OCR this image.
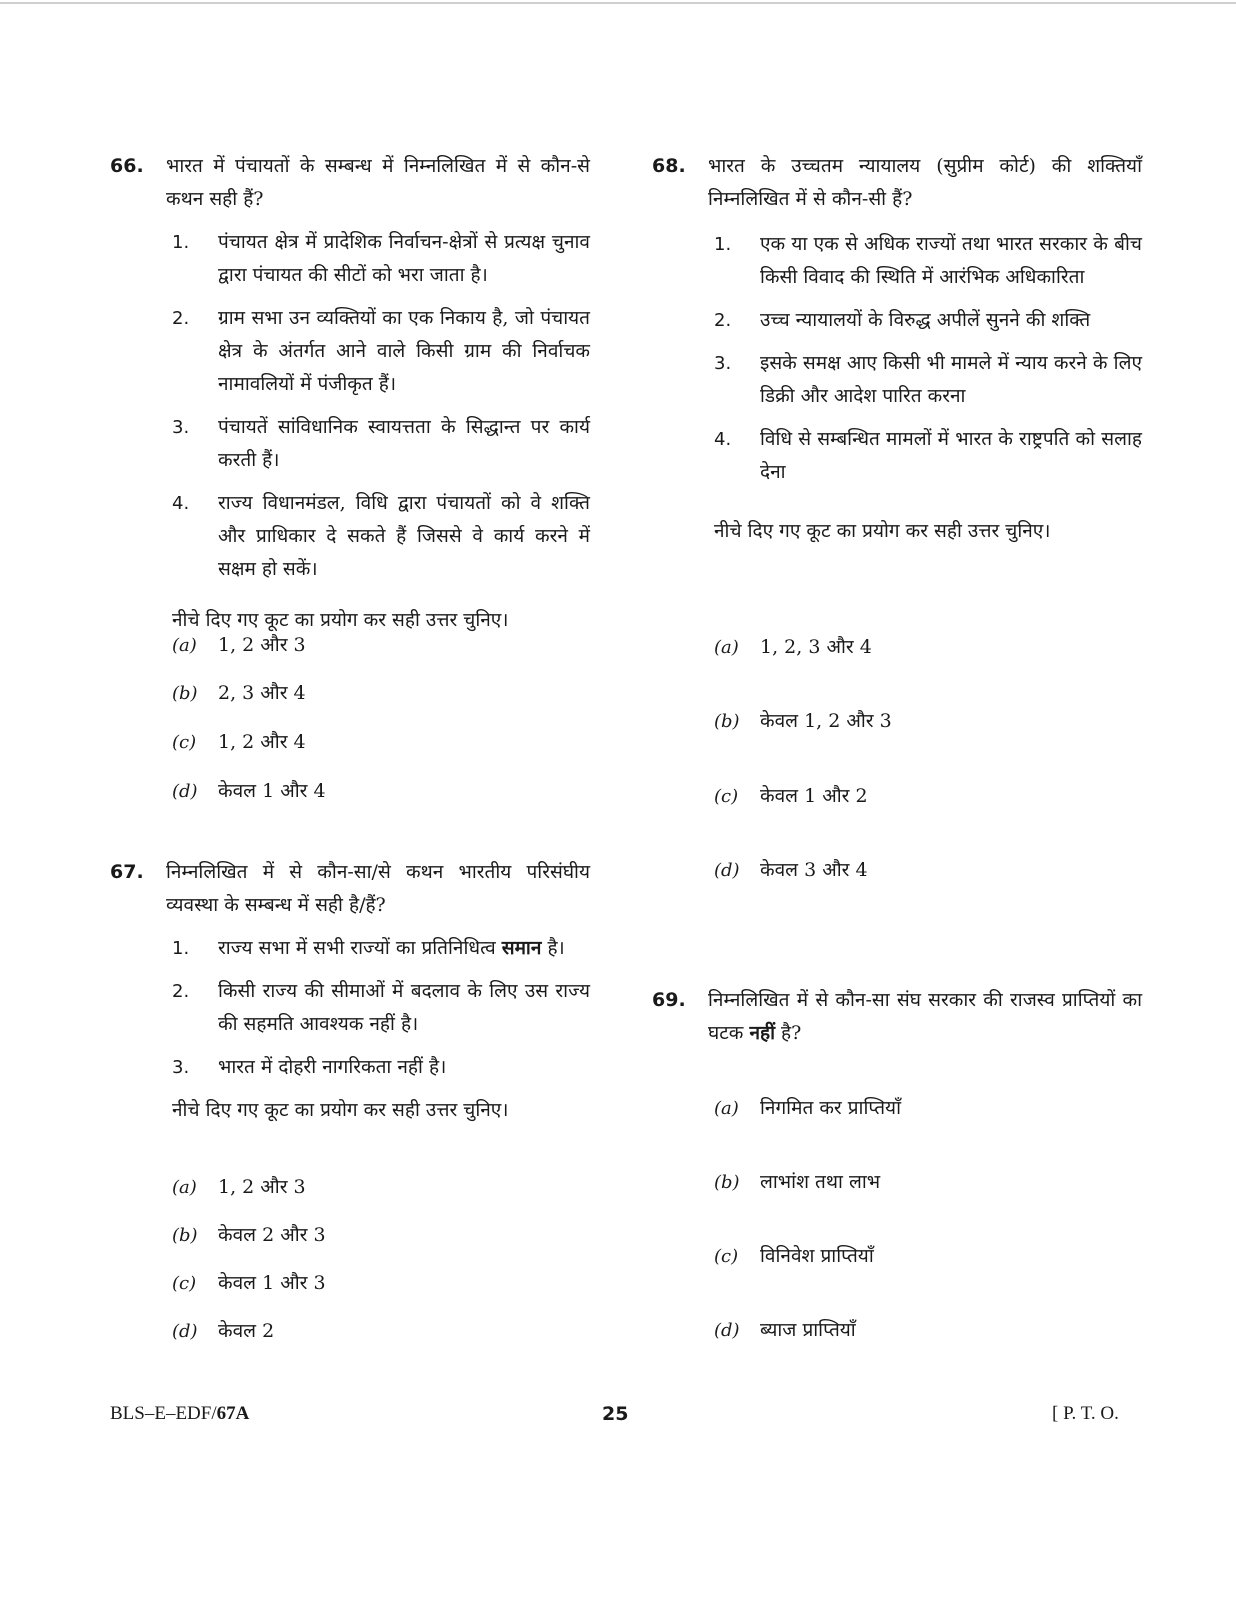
66. भारत में पंचायतों के सम्बन्ध में निम्नलिखित में से कौन-से कथन सही हैं?
1. पंचायत क्षेत्र में प्रादेशिक निर्वाचन-क्षेत्रों से प्रत्यक्ष चुनाव द्वारा पंचायत की सीटों को भरा जाता है।
2. ग्राम सभा उन व्यक्तियों का एक निकाय है, जो पंचायत क्षेत्र के अंतर्गत आने वाले किसी ग्राम की निर्वाचक नामावलियों में पंजीकृत हैं।
3. पंचायतें सांविधानिक स्वायत्तता के सिद्धान्त पर कार्य करती हैं।
4. राज्य विधानमंडल, विधि द्वारा पंचायतों को वे शक्ति और प्राधिकार दे सकते हैं जिससे वे कार्य करने में सक्षम हो सकें।
नीचे दिए गए कूट का प्रयोग कर सही उत्तर चुनिए।
(a) 1, 2 और 3
(b) 2, 3 और 4
(c) 1, 2 और 4
(d) केवल 1 और 4
67. निम्नलिखित में से कौन-सा/से कथन भारतीय परिसंघीय व्यवस्था के सम्बन्ध में सही है/हैं?
1. राज्य सभा में सभी राज्यों का प्रतिनिधित्व समान है।
2. किसी राज्य की सीमाओं में बदलाव के लिए उस राज्य की सहमति आवश्यक नहीं है।
3. भारत में दोहरी नागरिकता नहीं है।
नीचे दिए गए कूट का प्रयोग कर सही उत्तर चुनिए।
(a) 1, 2 और 3
(b) केवल 2 और 3
(c) केवल 1 और 3
(d) केवल 2
68. भारत के उच्चतम न्यायालय (सुप्रीम कोर्ट) की शक्तियाँ निम्नलिखित में से कौन-सी हैं?
1. एक या एक से अधिक राज्यों तथा भारत सरकार के बीच किसी विवाद की स्थिति में आरंभिक अधिकारिता
2. उच्च न्यायालयों के विरुद्ध अपीलें सुनने की शक्ति
3. इसके समक्ष आए किसी भी मामले में न्याय करने के लिए डिक्री और आदेश पारित करना
4. विधि से सम्बन्धित मामलों में भारत के राष्ट्रपति को सलाह देना
नीचे दिए गए कूट का प्रयोग कर सही उत्तर चुनिए।
(a) 1, 2, 3 और 4
(b) केवल 1, 2 और 3
(c) केवल 1 और 2
(d) केवल 3 और 4
69. निम्नलिखित में से कौन-सा संघ सरकार की राजस्व प्राप्तियों का घटक नहीं है?
(a) निगमित कर प्राप्तियाँ
(b) लाभांश तथा लाभ
(c) विनिवेश प्राप्तियाँ
(d) ब्याज प्राप्तियाँ
BLS–E–EDF/67A	25	[ P. T. O.
